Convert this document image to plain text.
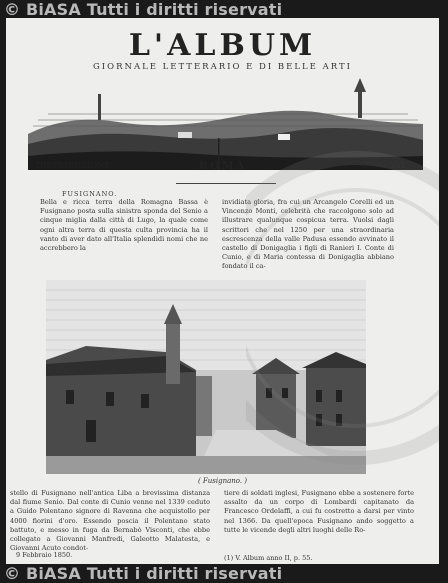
© BiASA Tutti i diritti riservati
L'ALBUM
GIORNALE LETTERARIO E DI BELLE ARTI
DISTRIBUZIONE	ROMA	ANNO XVI
FUSIGNANO.
Bella e ricca terra della Romagna Bassa è Fusignano posta sulla sinistra sponda del Senio a cinque miglia dalla città di Lugo, la quale come ogni altra terra di questa culta provincia ha il vanto di aver dato all'Italia splendidi nomi che ne accrebbero la
invidiata gloria, fra cui un Arcangelo Corelli ed un Vincenzo Monti, celebrità che raccolgono solo ad illustrare qualunque cospicua terra. Vuolsi dagli scrittori che nel 1250 per una straordinaria escrescenza della valle Padusa essendo avvinato il castello di Donigaglia i figli di Ranieri I. Conte di Cunio, e di Maria contessa di Donigaglia abbiano fondato il ca-
( Fusignano. )
stello di Fusignano nell'antica Liba a brevissima distanza dal fiume Senio. Dal conte di Cunio venne nel 1339 ceduto a Guido Polentano signore di Ravenna che acquistollo per 4000 fiorini d'oro. Essendo poscia il Polentano stato battuto, e messo in fuga da Bernabò Visconti, che ebbe collegato a Giovanni Manfredi, Galeotto Malatesta, e Giovanni Acuto condot-
tiere di soldati inglesi, Fusignano ebbe a sostenere forte assalto da un corpo di Lombardi capitanato da Francesco Ordelaffi, a cui fu costretto a darsi per vinto nel 1366. Da quell'epoca Fusignano ando soggetto a tutte le vicende degli altri luoghi delle Ro-
9 Febbraio 1850.	(1) V. Album anno II, p. 55.
© BiASA Tutti i diritti riservati
